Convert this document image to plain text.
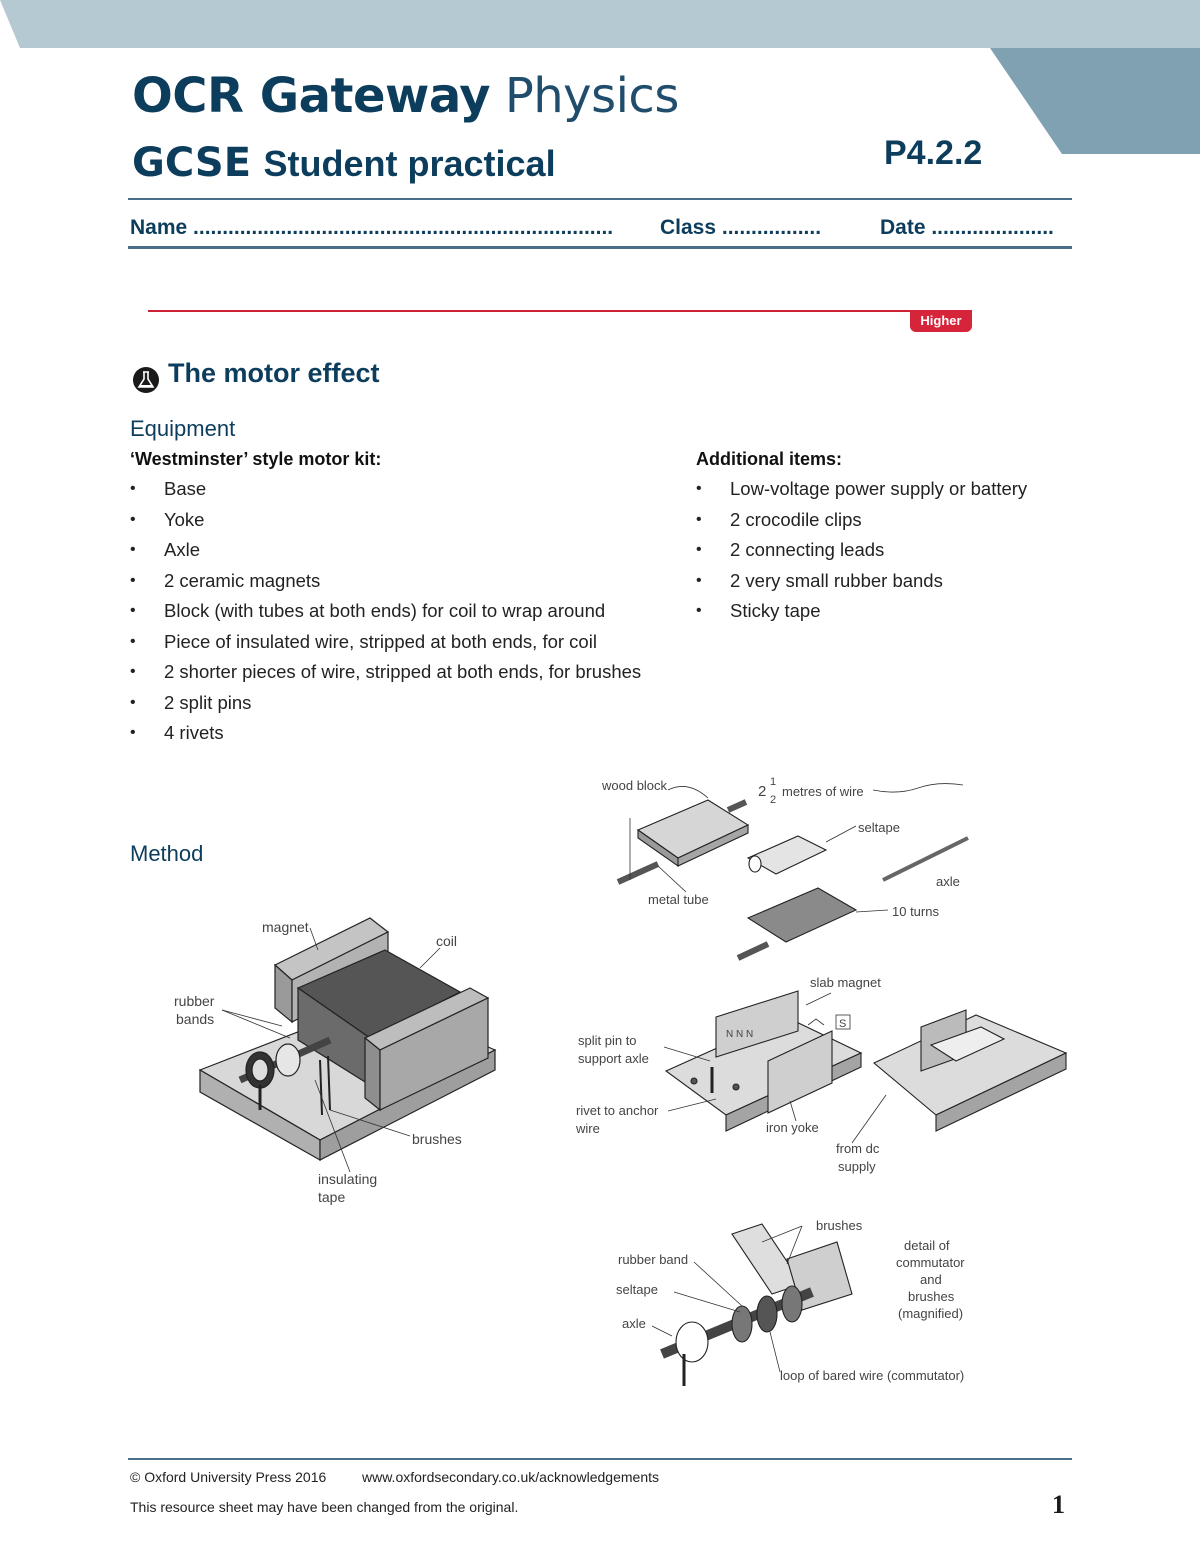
OCR Gateway Physics
GCSE Student practical	P4.2.2
Name ........................................................................ Class .................	Date .....................
Higher
The motor effect
Equipment
‘Westminster’ style motor kit:	Additional items:
• Base
• Yoke
• Axle
• 2 ceramic magnets
• Block (with tubes at both ends) for coil to wrap around
• Piece of insulated wire, stripped at both ends, for coil
• 2 shorter pieces of wire, stripped at both ends, for brushes
• 2 split pins
• 4 rivets
• Low-voltage power supply or battery
• 2 crocodile clips
• 2 connecting leads
• 2 very small rubber bands
• Sticky tape
Method
magnet
coil
rubber
bands
brushes
insulating
tape
wood block	2
1
2
metres of wire
seltape
axle
metal tube
10 turns
N N N
S
slab magnet
split pin to
support axle
rivet to anchor
wire	iron yoke
from dc
supply
brushes
rubber band
seltape
axle
detail of
commutator
and
brushes
(magnified)
loop of bared wire (commutator)
© Oxford University Press 2016	www.oxfordsecondary.co.uk/acknowledgements
This resource sheet may have been changed from the original.	1
